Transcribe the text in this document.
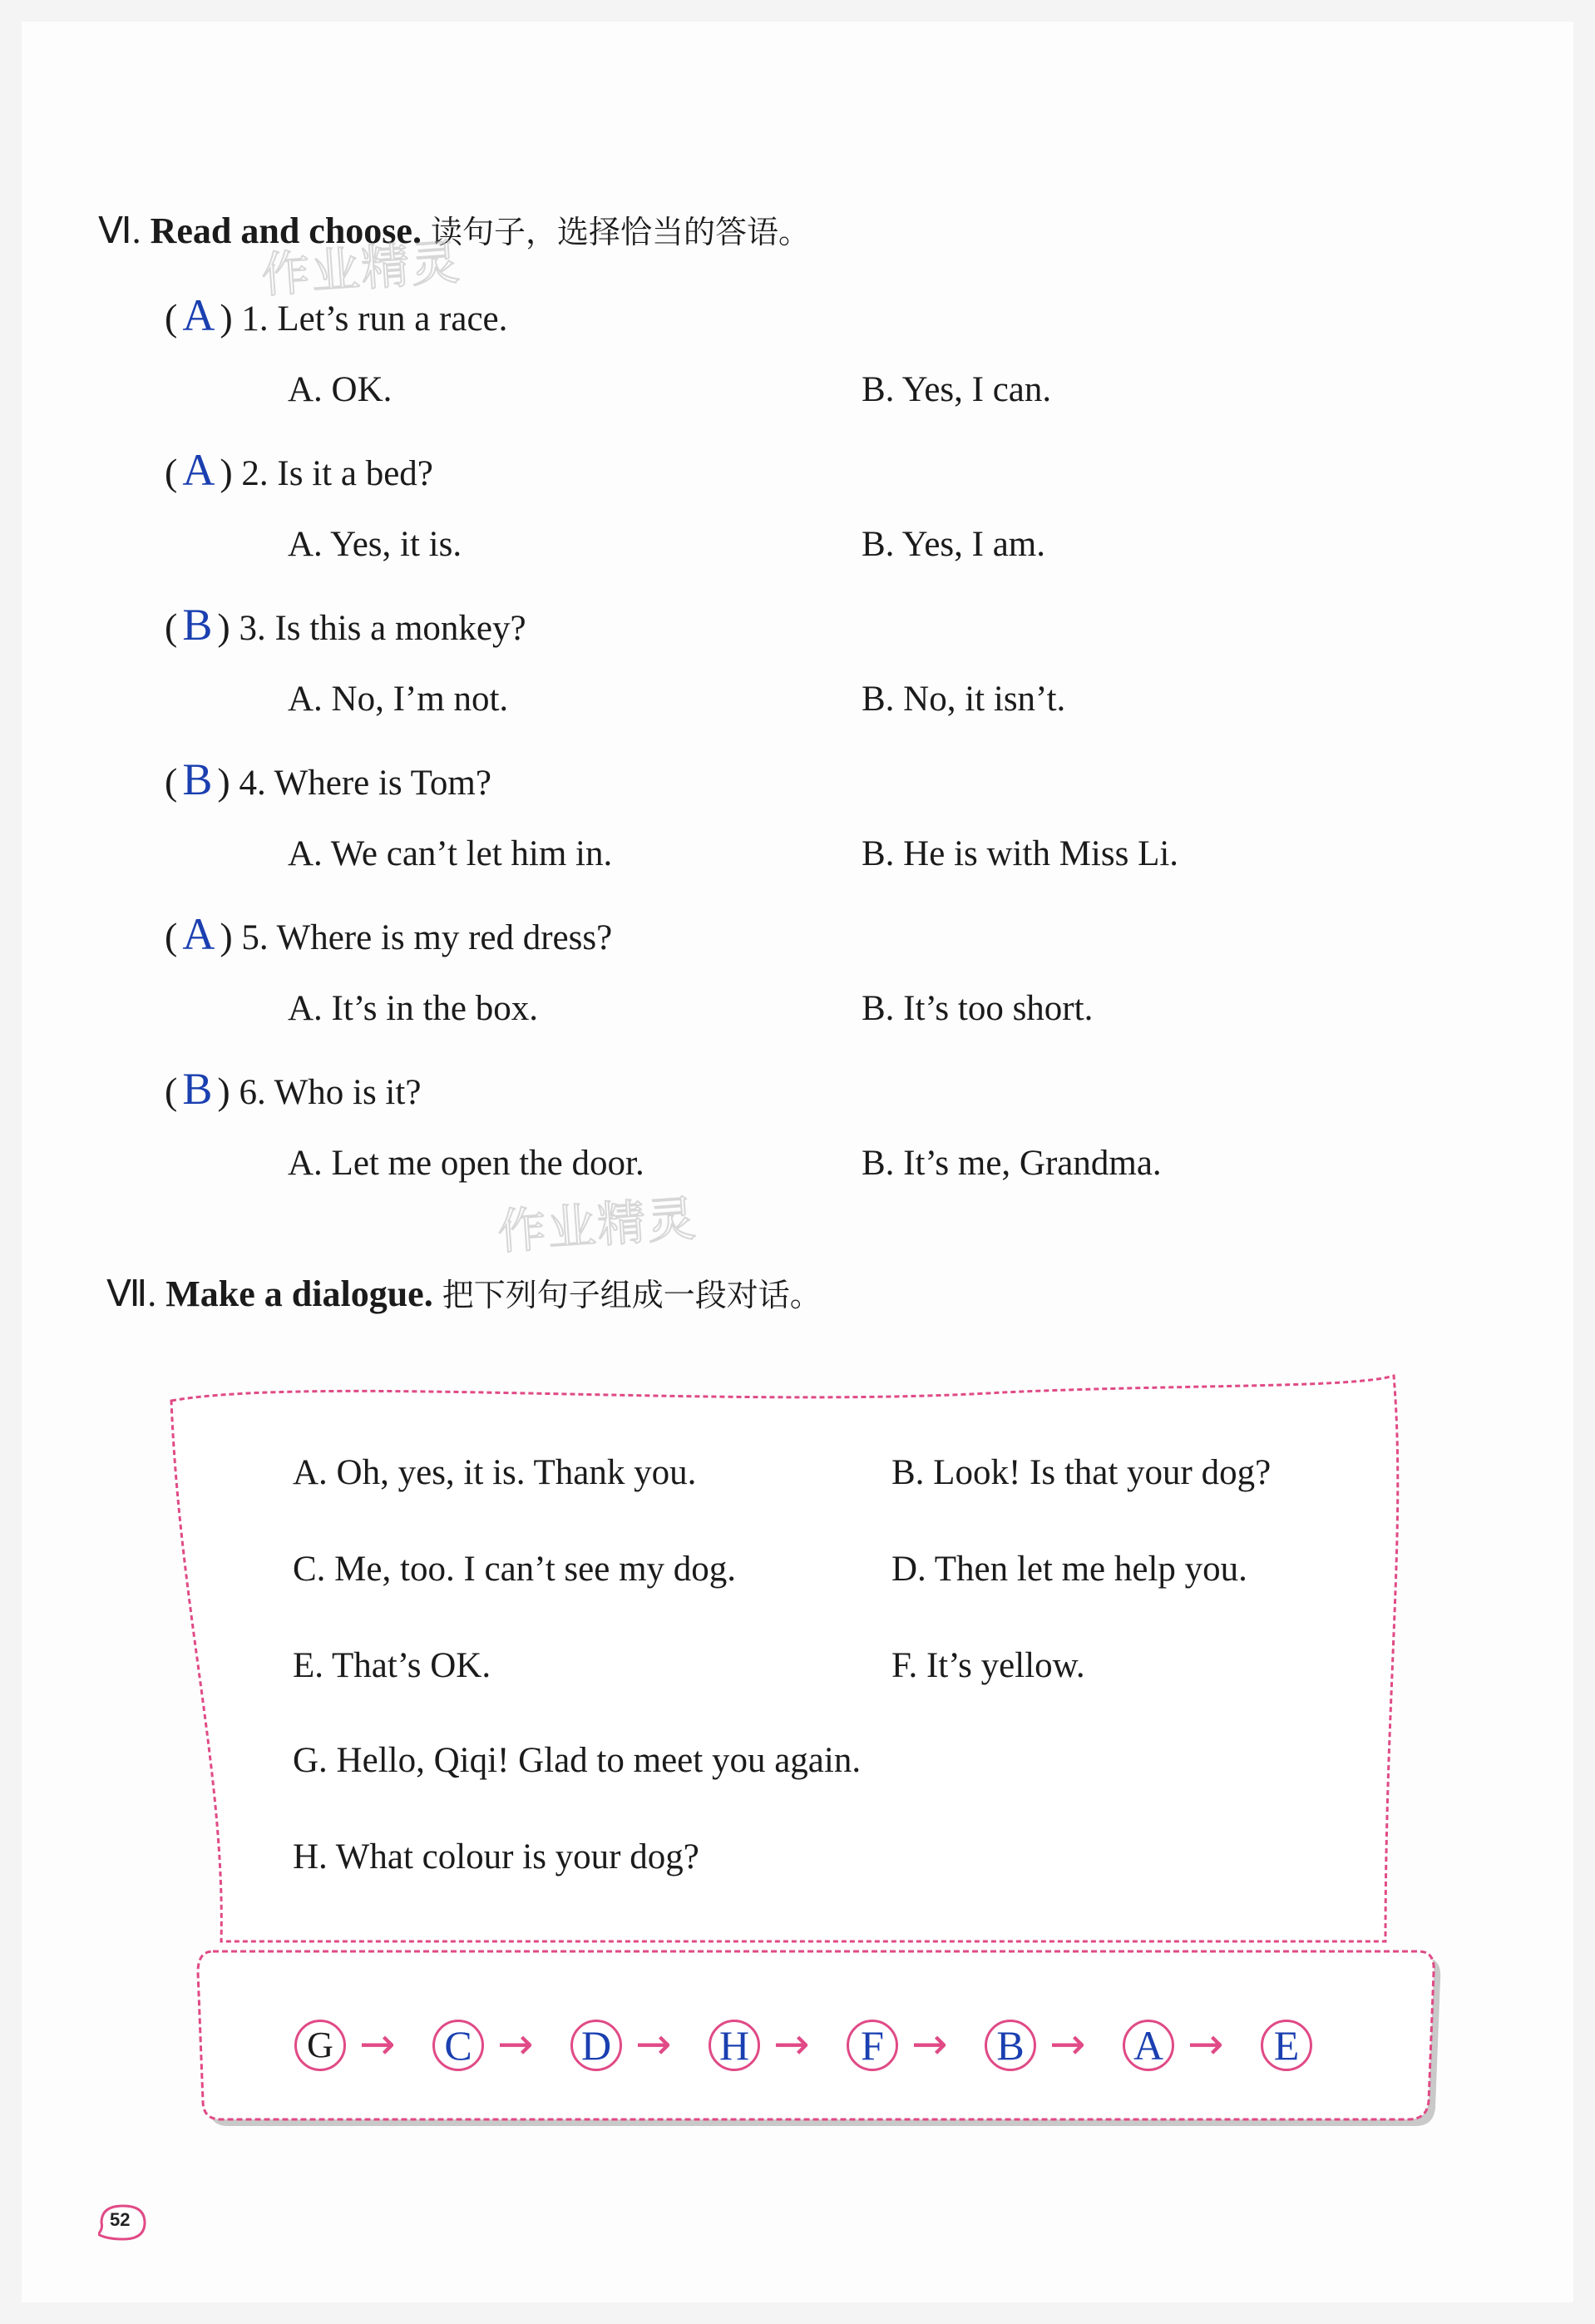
Ⅵ. Read and choose. 读句子，选择恰当的答语。
作业精灵
( A ) 1. Let’s run a race.
A. OK.	B. Yes, I can.
( A ) 2. Is it a bed?
A. Yes, it is.	B. Yes, I am.
( B ) 3. Is this a monkey?
A. No, I’m not.	B. No, it isn’t.
( B ) 4. Where is Tom?
A. We can’t let him in.	B. He is with Miss Li.
( A ) 5. Where is my red dress?
A. It’s in the box.	B. It’s too short.
( B ) 6. Who is it?
A. Let me open the door.	B. It’s me, Grandma.
作业精灵
Ⅶ. Make a dialogue. 把下列句子组成一段对话。
A. Oh, yes, it is. Thank you.	B. Look! Is that your dog?
C. Me, too. I can’t see my dog.	D. Then let me help you.
E. That’s OK.	F. It’s yellow.
G. Hello, Qiqi! Glad to meet you again.
H. What colour is your dog?
G → C → D → H →	F → B → A →	E
52
